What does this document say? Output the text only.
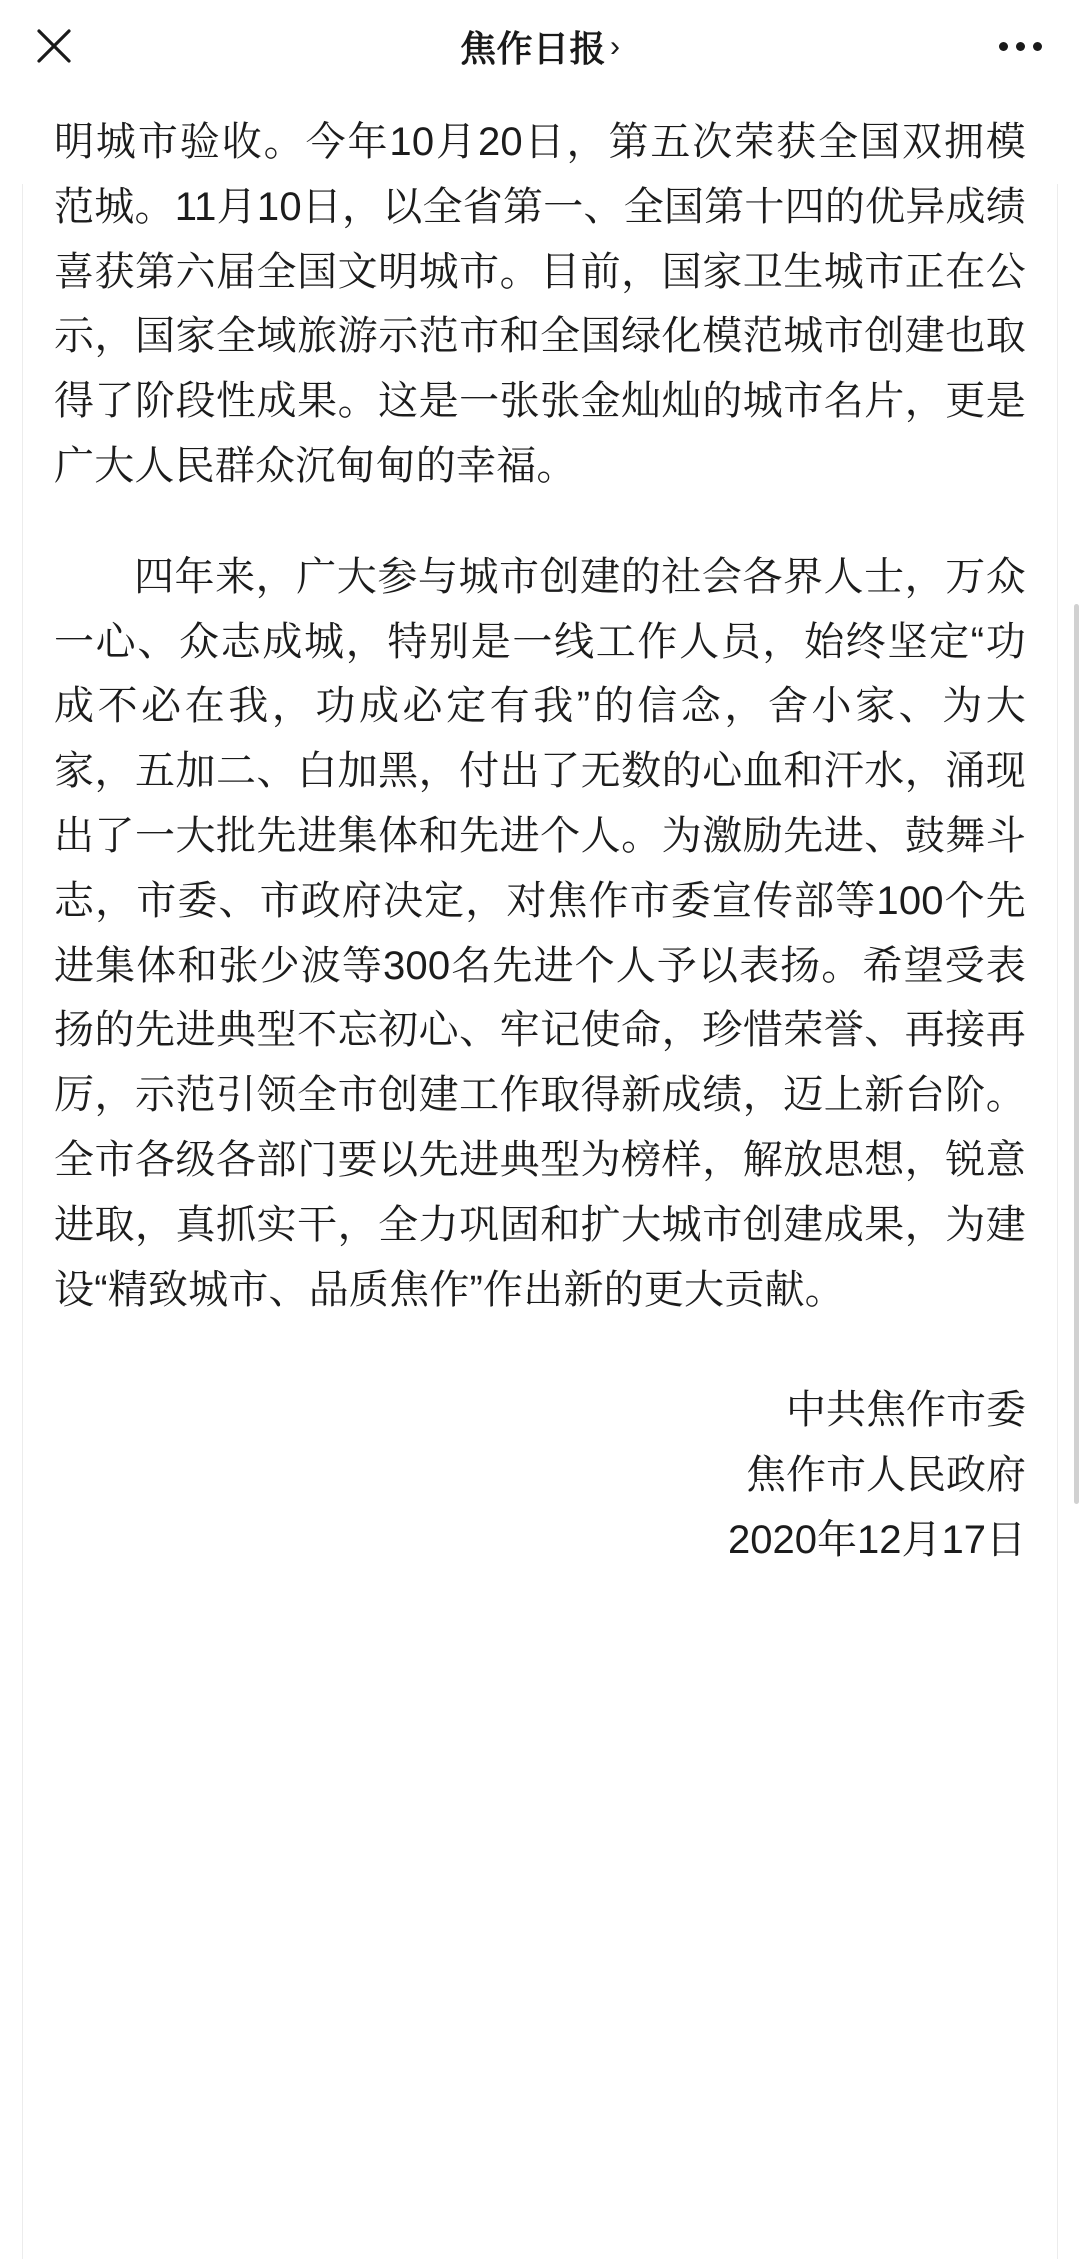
焦作日报 ›

明城市验收。今年10月20日，第五次荣获全国双拥模范城。11月10日，以全省第一、全国第十四的优异成绩喜获第六届全国文明城市。目前，国家卫生城市正在公示，国家全域旅游示范市和全国绿化模范城市创建也取得了阶段性成果。这是一张张金灿灿的城市名片，更是广大人民群众沉甸甸的幸福。

四年来，广大参与城市创建的社会各界人士，万众一心、众志成城，特别是一线工作人员，始终坚定“功成不必在我，功成必定有我”的信念，舍小家、为大家，五加二、白加黑，付出了无数的心血和汗水，涌现出了一大批先进集体和先进个人。为激励先进、鼓舞斗志，市委、市政府决定，对焦作市委宣传部等100个先进集体和张少波等300名先进个人予以表扬。希望受表扬的先进典型不忘初心、牢记使命，珍惜荣誉、再接再厉，示范引领全市创建工作取得新成绩，迈上新台阶。全市各级各部门要以先进典型为榜样，解放思想，锐意进取，真抓实干，全力巩固和扩大城市创建成果，为建设“精致城市、品质焦作”作出新的更大贡献。

中共焦作市委
焦作市人民政府
2020年12月17日
